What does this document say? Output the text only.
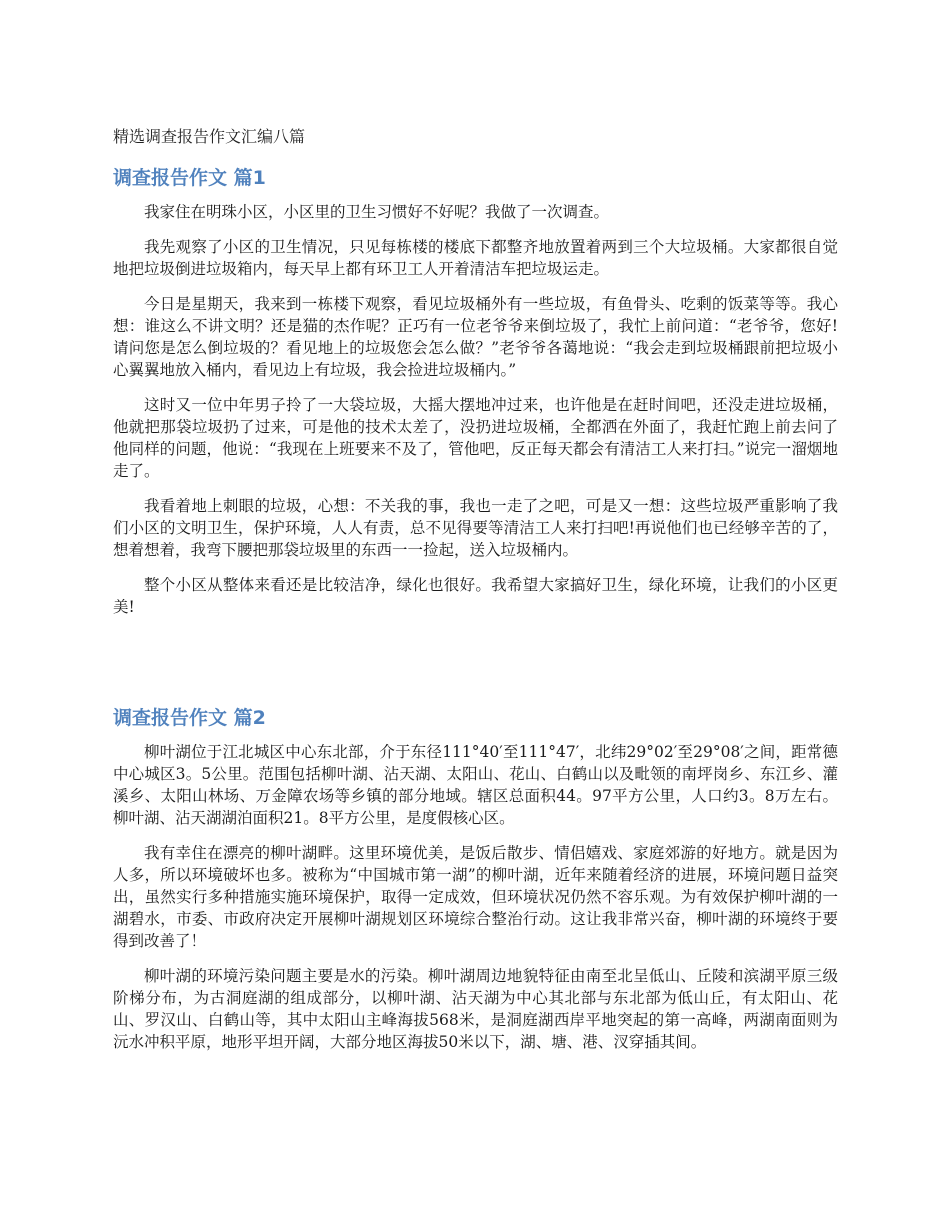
精选调查报告作文汇编八篇
调查报告作文 篇1

我家住在明珠小区，小区里的卫生习惯好不好呢？我做了一次调查。

我先观察了小区的卫生情况，只见每栋楼的楼底下都整齐地放置着两到三个大垃圾桶。大家都很自觉地把垃圾倒进垃圾箱内，每天早上都有环卫工人开着清洁车把垃圾运走。

今日是星期天，我来到一栋楼下观察，看见垃圾桶外有一些垃圾，有鱼骨头、吃剩的饭菜等等。我心想：谁这么不讲文明？还是猫的杰作呢？正巧有一位老爷爷来倒垃圾了，我忙上前问道：“老爷爷，您好!请问您是怎么倒垃圾的？看见地上的垃圾您会怎么做？”老爷爷各蔼地说：“我会走到垃圾桶跟前把垃圾小心翼翼地放入桶内，看见边上有垃圾，我会捡进垃圾桶内。”

这时又一位中年男子拎了一大袋垃圾，大摇大摆地冲过来，也许他是在赶时间吧，还没走进垃圾桶，他就把那袋垃圾扔了过来，可是他的技术太差了，没扔进垃圾桶，全都洒在外面了，我赶忙跑上前去问了他同样的问题，他说：“我现在上班要来不及了，管他吧，反正每天都会有清洁工人来打扫。”说完一溜烟地走了。

我看着地上刺眼的垃圾，心想：不关我的事，我也一走了之吧，可是又一想：这些垃圾严重影响了我们小区的文明卫生，保护环境，人人有责，总不见得要等清洁工人来打扫吧!再说他们也已经够辛苦的了，想着想着，我弯下腰把那袋垃圾里的东西一一捡起，送入垃圾桶内。

整个小区从整体来看还是比较洁净，绿化也很好。我希望大家搞好卫生，绿化环境，让我们的小区更美!

调查报告作文 篇2

柳叶湖位于江北城区中心东北部，介于东径111°40′至111°47′，北纬29°02′至29°08′之间，距常德中心城区3。5公里。范围包括柳叶湖、沾天湖、太阳山、花山、白鹤山以及毗领的南坪岗乡、东江乡、灌溪乡、太阳山林场、万金障农场等乡镇的部分地域。辖区总面积44。97平方公里，人口约3。8万左右。柳叶湖、沾天湖湖泊面积21。8平方公里，是度假核心区。

我有幸住在漂亮的柳叶湖畔。这里环境优美，是饭后散步、情侣嬉戏、家庭郊游的好地方。就是因为人多，所以环境破坏也多。被称为“中国城市第一湖”的柳叶湖，近年来随着经济的进展，环境问题日益突出，虽然实行多种措施实施环境保护，取得一定成效，但环境状况仍然不容乐观。为有效保护柳叶湖的一湖碧水，市委、市政府决定开展柳叶湖规划区环境综合整治行动。这让我非常兴奋，柳叶湖的环境终于要得到改善了！

柳叶湖的环境污染问题主要是水的污染。柳叶湖周边地貌特征由南至北呈低山、丘陵和滨湖平原三级阶梯分布，为古洞庭湖的组成部分，以柳叶湖、沾天湖为中心其北部与东北部为低山丘，有太阳山、花山、罗汉山、白鹤山等，其中太阳山主峰海拔568米，是洞庭湖西岸平地突起的第一高峰，两湖南面则为沅水冲积平原，地形平坦开阔，大部分地区海拔50米以下，湖、塘、港、汊穿插其间。
